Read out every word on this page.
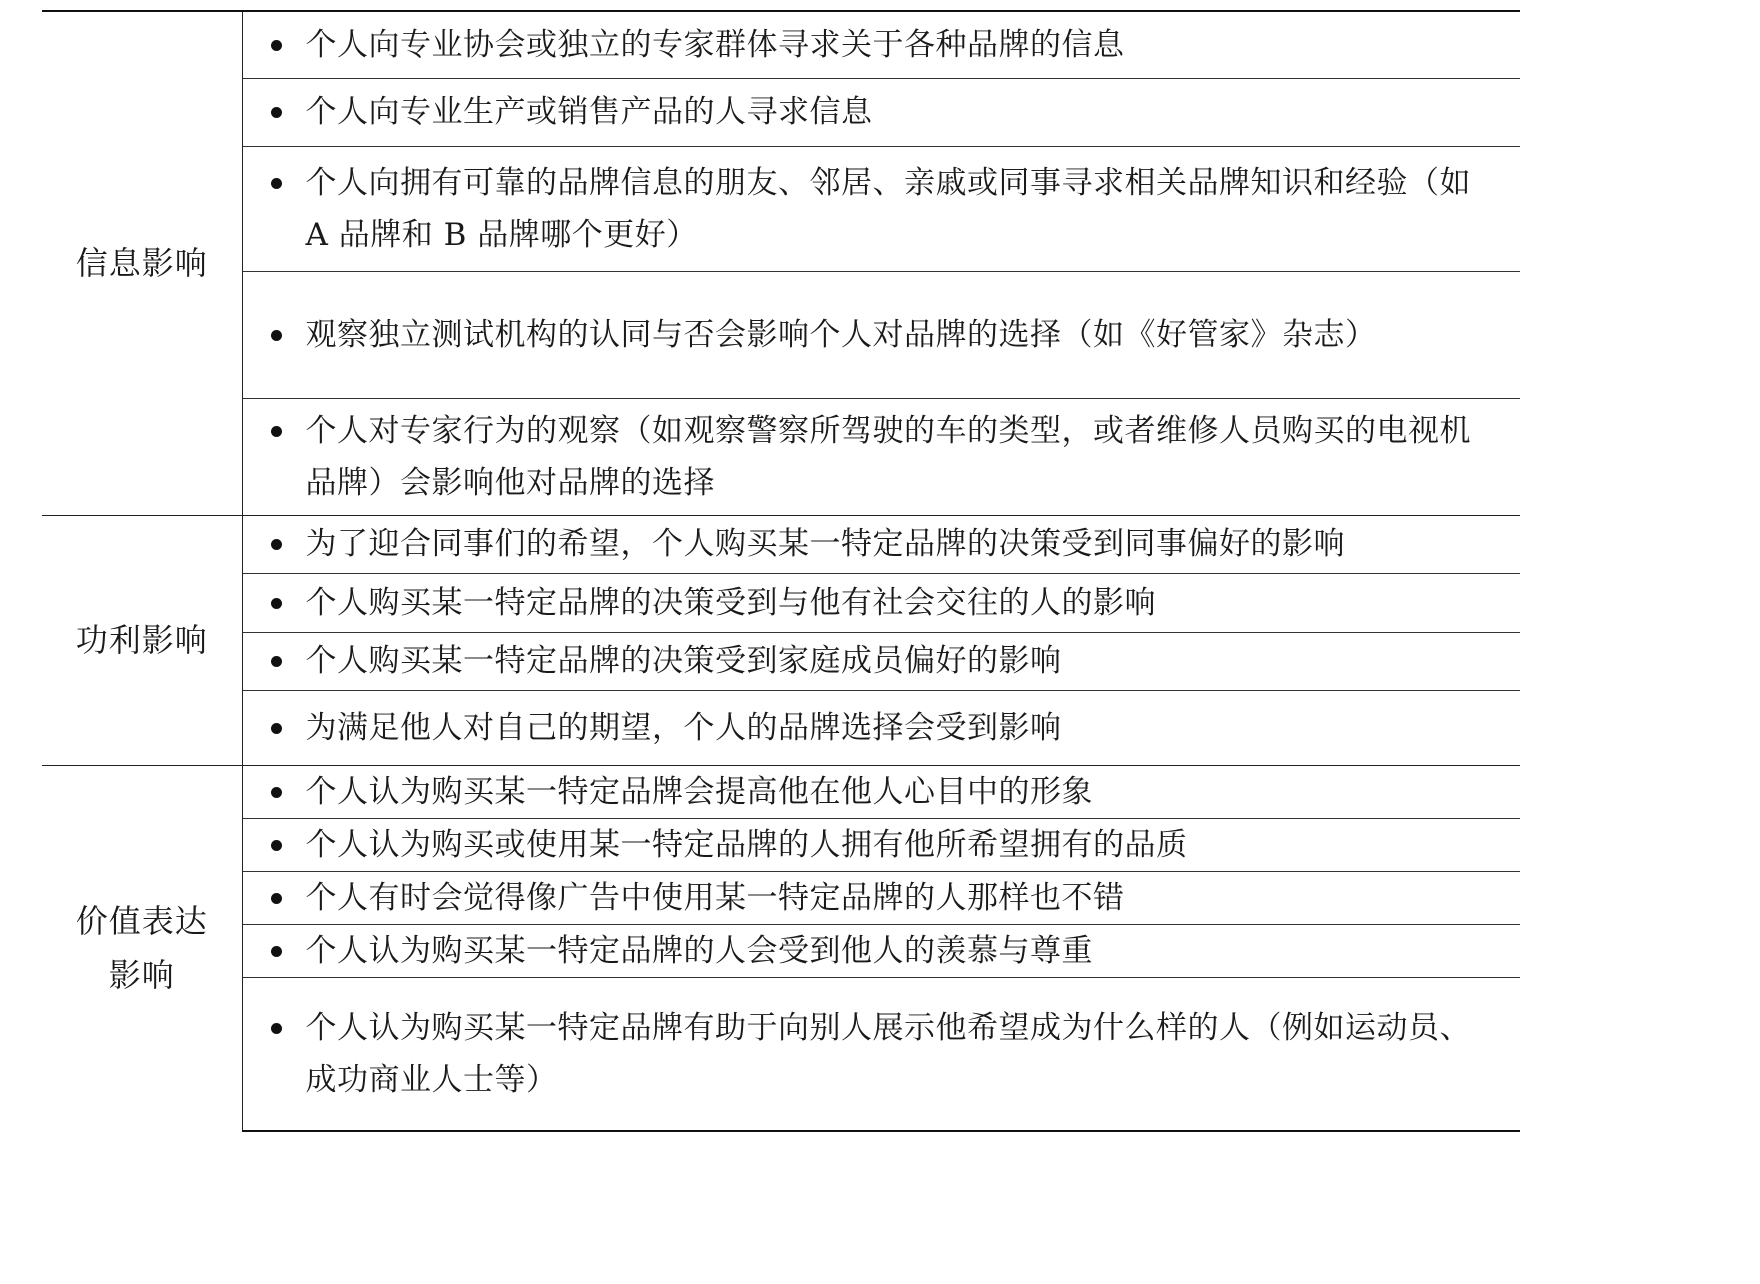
信息影响	个人向专业协会或独立的专家群体寻求关于各种品牌的信息

	个人向专业生产或销售产品的人寻求信息

	个人向拥有可靠的品牌信息的朋友、邻居、亲戚或同事寻求相关品牌知识和经验（如 A 品牌和 B 品牌哪个更好）

	观察独立测试机构的认同与否会影响个人对品牌的选择（如《好管家》杂志）

	个人对专家行为的观察（如观察警察所驾驶的车的类型，或者维修人员购买的电视机品牌）会影响他对品牌的选择

功利影响	为了迎合同事们的希望，个人购买某一特定品牌的决策受到同事偏好的影响

	个人购买某一特定品牌的决策受到与他有社会交往的人的影响

	个人购买某一特定品牌的决策受到家庭成员偏好的影响

	为满足他人对自己的期望，个人的品牌选择会受到影响

价值表达
影响	个人认为购买某一特定品牌会提高他在他人心目中的形象

	个人认为购买或使用某一特定品牌的人拥有他所希望拥有的品质

	个人有时会觉得像广告中使用某一特定品牌的人那样也不错

	个人认为购买某一特定品牌的人会受到他人的羡慕与尊重

	个人认为购买某一特定品牌有助于向别人展示他希望成为什么样的人（例如运动员、成功商业人士等）
